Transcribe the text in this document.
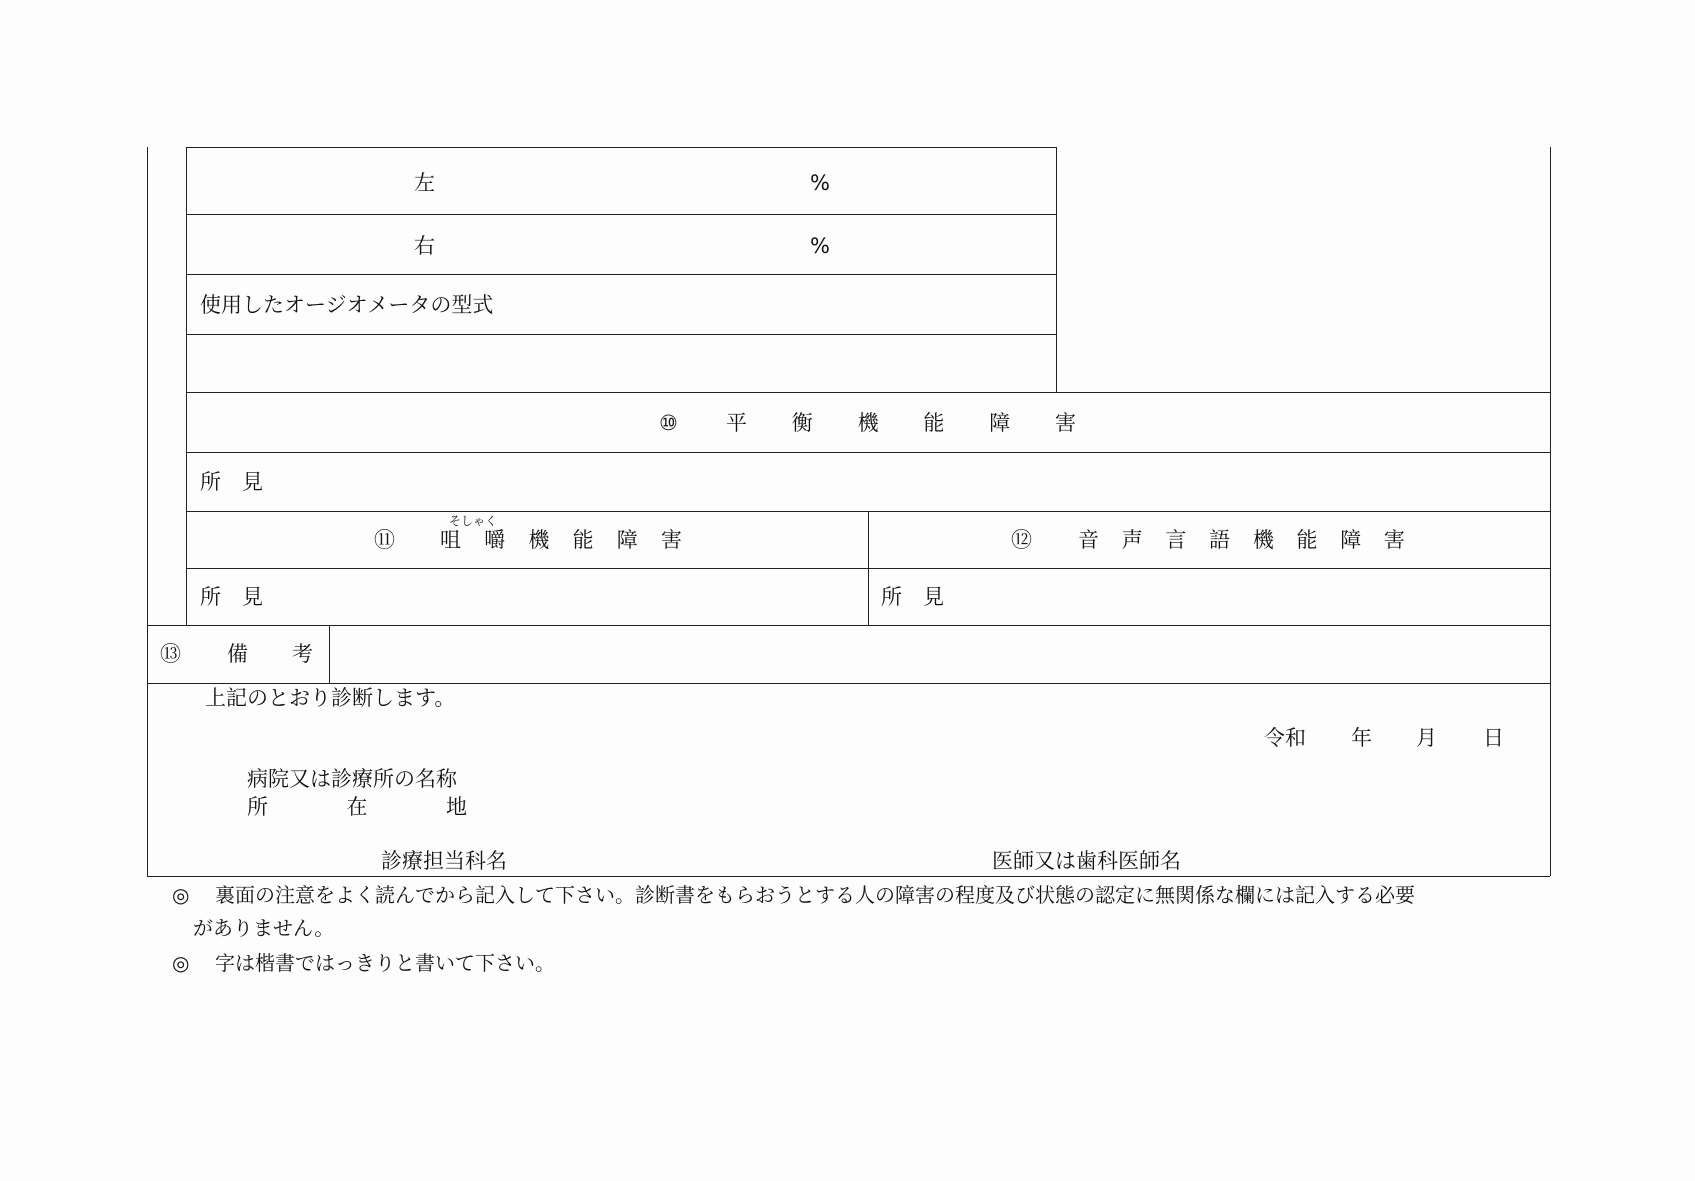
左	%
右	%
使用したオージオメータの型式
⑩ 平 衡 機 能 障 害
所　見
⑪
そしゃく
咀 嚼 機 能 障 害
所　見
⑫ 音 声 言 語 機 能 障 害
所　見
⑬ 備 考
上記のとおり診断します。
令和 年 月 日
病院又は診療所の名称
所	在	地
診療担当科名	医師又は歯科医師名
◎ 裏面の注意をよく読んでから記入して下さい。診断書をもらおうとする人の障害の程度及び状態の認定に無関係な欄には記入する必要
がありません。
◎ 字は楷書ではっきりと書いて下さい。
